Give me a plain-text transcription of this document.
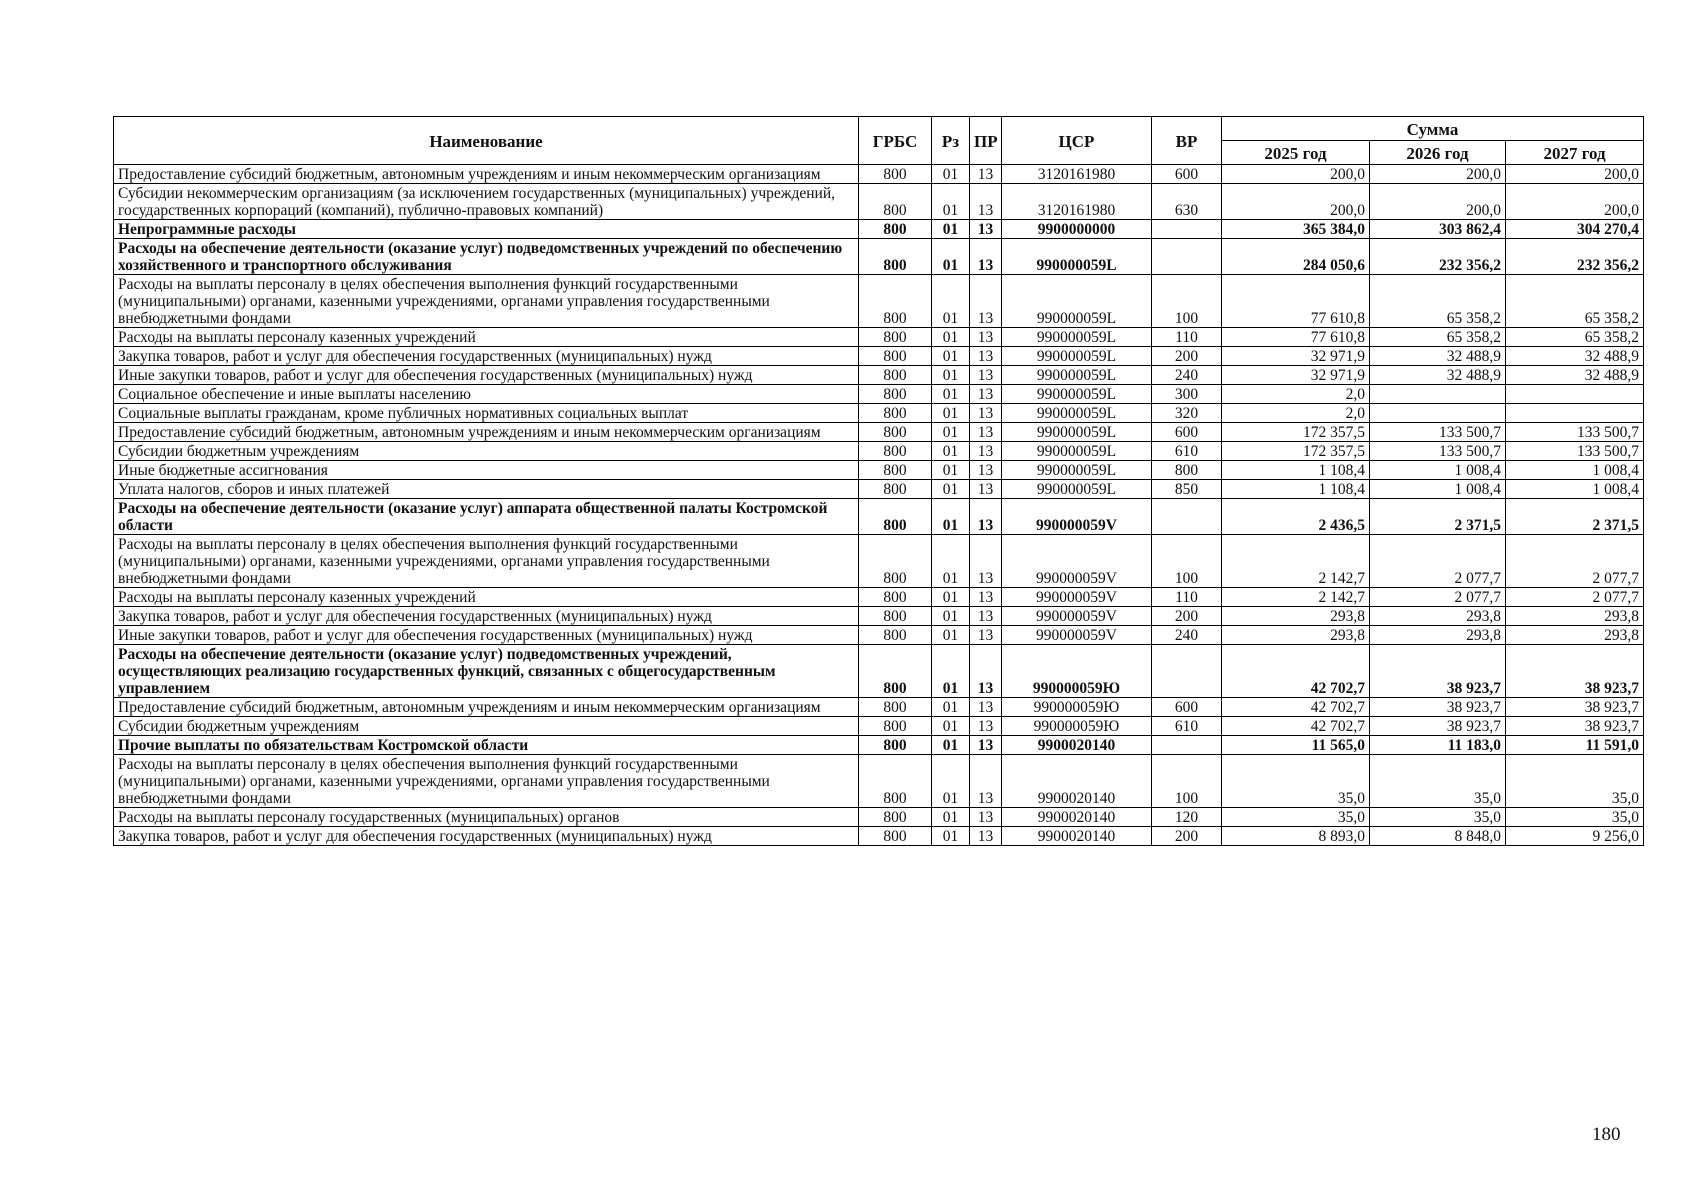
Наименование	ГРБС	Рз	ПР	ЦСР	ВР	Сумма		
						2025 год	2026 год	2027 год
Предоставление субсидий бюджетным, автономным учреждениям и иным некоммерческим организациям	800	01	13	3120161980	600	200,0	200,0	200,0
Субсидии некоммерческим организациям (за исключением государственных (муниципальных) учреждений, государственных корпораций (компаний), публично-правовых компаний)	800	01	13	3120161980	630	200,0	200,0	200,0
Непрограммные расходы	800	01	13	9900000000		365 384,0	303 862,4	304 270,4
Расходы на обеспечение деятельности (оказание услуг) подведомственных учреждений по обеспечению хозяйственного и транспортного обслуживания	800	01	13	990000059L		284 050,6	232 356,2	232 356,2
Расходы на выплаты персоналу в целях обеспечения выполнения функций государственными (муниципальными) органами, казенными учреждениями, органами управления государственными внебюджетными фондами	800	01	13	990000059L	100	77 610,8	65 358,2	65 358,2
Расходы на выплаты персоналу казенных учреждений	800	01	13	990000059L	110	77 610,8	65 358,2	65 358,2
Закупка товаров, работ и услуг для обеспечения государственных (муниципальных) нужд	800	01	13	990000059L	200	32 971,9	32 488,9	32 488,9
Иные закупки товаров, работ и услуг для обеспечения государственных (муниципальных) нужд	800	01	13	990000059L	240	32 971,9	32 488,9	32 488,9
Социальное обеспечение и иные выплаты населению	800	01	13	990000059L	300	2,0		
Социальные выплаты гражданам, кроме публичных нормативных социальных выплат	800	01	13	990000059L	320	2,0		
Предоставление субсидий бюджетным, автономным учреждениям и иным некоммерческим организациям	800	01	13	990000059L	600	172 357,5	133 500,7	133 500,7
Субсидии бюджетным учреждениям	800	01	13	990000059L	610	172 357,5	133 500,7	133 500,7
Иные бюджетные ассигнования	800	01	13	990000059L	800	1 108,4	1 008,4	1 008,4
Уплата налогов, сборов и иных платежей	800	01	13	990000059L	850	1 108,4	1 008,4	1 008,4
Расходы на обеспечение деятельности (оказание услуг) аппарата общественной палаты Костромской области	800	01	13	990000059V		2 436,5	2 371,5	2 371,5
Расходы на выплаты персоналу в целях обеспечения выполнения функций государственными (муниципальными) органами, казенными учреждениями, органами управления государственными внебюджетными фондами	800	01	13	990000059V	100	2 142,7	2 077,7	2 077,7
Расходы на выплаты персоналу казенных учреждений	800	01	13	990000059V	110	2 142,7	2 077,7	2 077,7
Закупка товаров, работ и услуг для обеспечения государственных (муниципальных) нужд	800	01	13	990000059V	200	293,8	293,8	293,8
Иные закупки товаров, работ и услуг для обеспечения государственных (муниципальных) нужд	800	01	13	990000059V	240	293,8	293,8	293,8
Расходы на обеспечение деятельности (оказание услуг) подведомственных учреждений, осуществляющих реализацию государственных функций, связанных с общегосударственным управлением	800	01	13	990000059Ю		42 702,7	38 923,7	38 923,7
Предоставление субсидий бюджетным, автономным учреждениям и иным некоммерческим организациям	800	01	13	990000059Ю	600	42 702,7	38 923,7	38 923,7
Субсидии бюджетным учреждениям	800	01	13	990000059Ю	610	42 702,7	38 923,7	38 923,7
Прочие выплаты по обязательствам Костромской области	800	01	13	9900020140		11 565,0	11 183,0	11 591,0
Расходы на выплаты персоналу в целях обеспечения выполнения функций государственными (муниципальными) органами, казенными учреждениями, органами управления государственными внебюджетными фондами	800	01	13	9900020140	100	35,0	35,0	35,0
Расходы на выплаты персоналу государственных (муниципальных) органов	800	01	13	9900020140	120	35,0	35,0	35,0
Закупка товаров, работ и услуг для обеспечения государственных (муниципальных) нужд	800	01	13	9900020140	200	8 893,0	8 848,0	9 256,0
180
